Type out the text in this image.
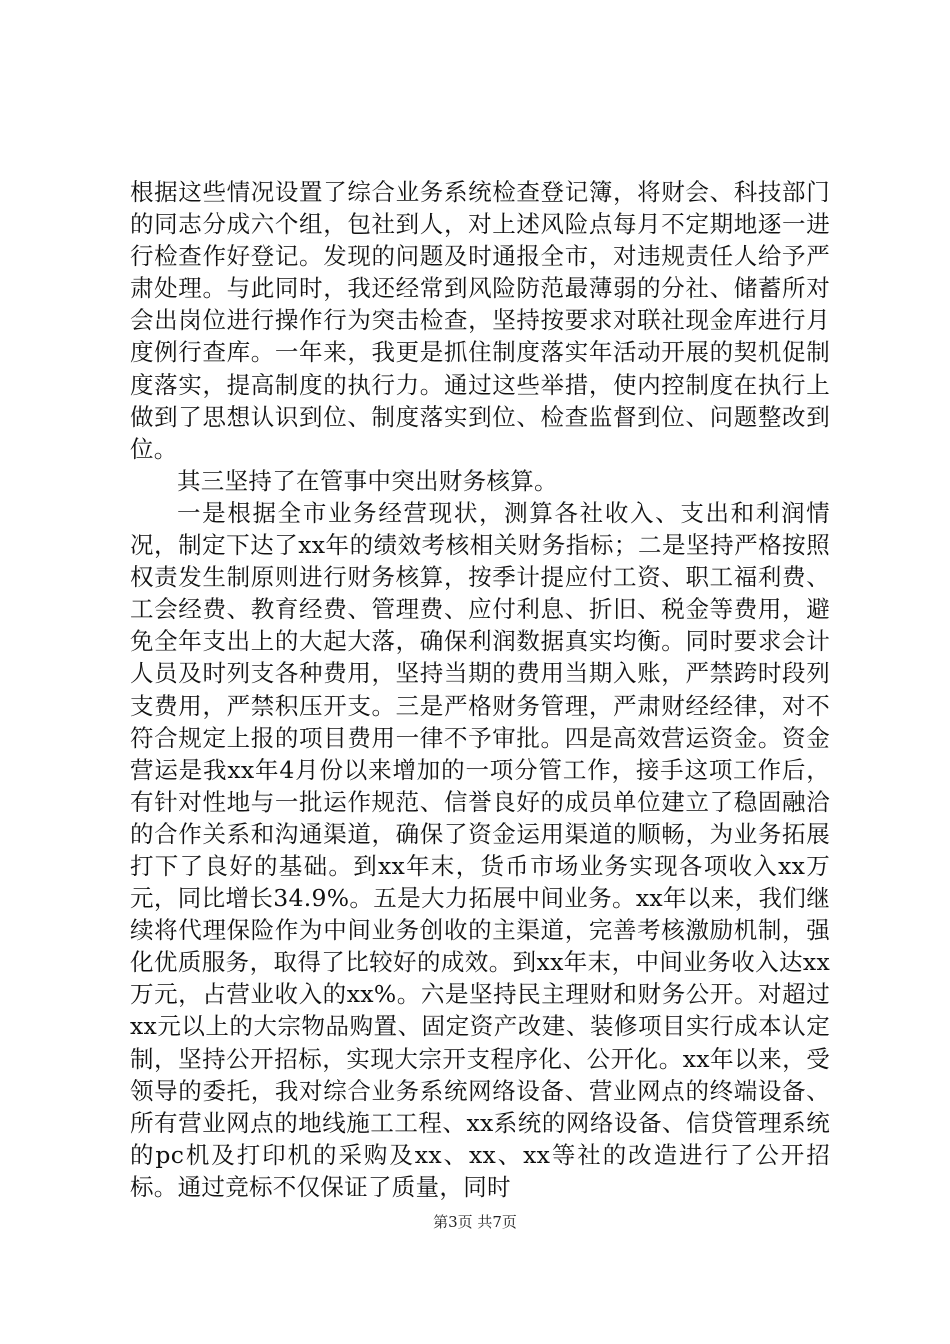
根据这些情况设置了综合业务系统检查登记簿，将财会、科技部门的同志分成六个组，包社到人，对上述风险点每月不定期地逐一进行检查作好登记。发现的问题及时通报全市，对违规责任人给予严肃处理。与此同时，我还经常到风险防范最薄弱的分社、储蓄所对会出岗位进行操作行为突击检查，坚持按要求对联社现金库进行月度例行查库。一年来，我更是抓住制度落实年活动开展的契机促制度落实，提高制度的执行力。通过这些举措，使内控制度在执行上做到了思想认识到位、制度落实到位、检查监督到位、问题整改到位。

其三坚持了在管事中突出财务核算。

一是根据全市业务经营现状，测算各社收入、支出和利润情况，制定下达了xx年的绩效考核相关财务指标；二是坚持严格按照权责发生制原则进行财务核算，按季计提应付工资、职工福利费、工会经费、教育经费、管理费、应付利息、折旧、税金等费用，避免全年支出上的大起大落，确保利润数据真实均衡。同时要求会计人员及时列支各种费用，坚持当期的费用当期入账，严禁跨时段列支费用，严禁积压开支。三是严格财务管理，严肃财经经律，对不符合规定上报的项目费用一律不予审批。四是高效营运资金。资金营运是我xx年4月份以来增加的一项分管工作，接手这项工作后，有针对性地与一批运作规范、信誉良好的成员单位建立了稳固融洽的合作关系和沟通渠道，确保了资金运用渠道的顺畅，为业务拓展打下了良好的基础。到xx年末，货币市场业务实现各项收入xx万元，同比增长34.9%。五是大力拓展中间业务。xx年以来，我们继续将代理保险作为中间业务创收的主渠道，完善考核激励机制，强化优质服务，取得了比较好的成效。到xx年末，中间业务收入达xx万元，占营业收入的xx%。六是坚持民主理财和财务公开。对超过xx元以上的大宗物品购置、固定资产改建、装修项目实行成本认定制，坚持公开招标，实现大宗开支程序化、公开化。xx年以来，受领导的委托，我对综合业务系统网络设备、营业网点的终端设备、所有营业网点的地线施工工程、xx系统的网络设备、信贷管理系统的pc机及打印机的采购及xx、xx、xx等社的改造进行了公开招标。通过竞标不仅保证了质量，同时

第3页 共7页
